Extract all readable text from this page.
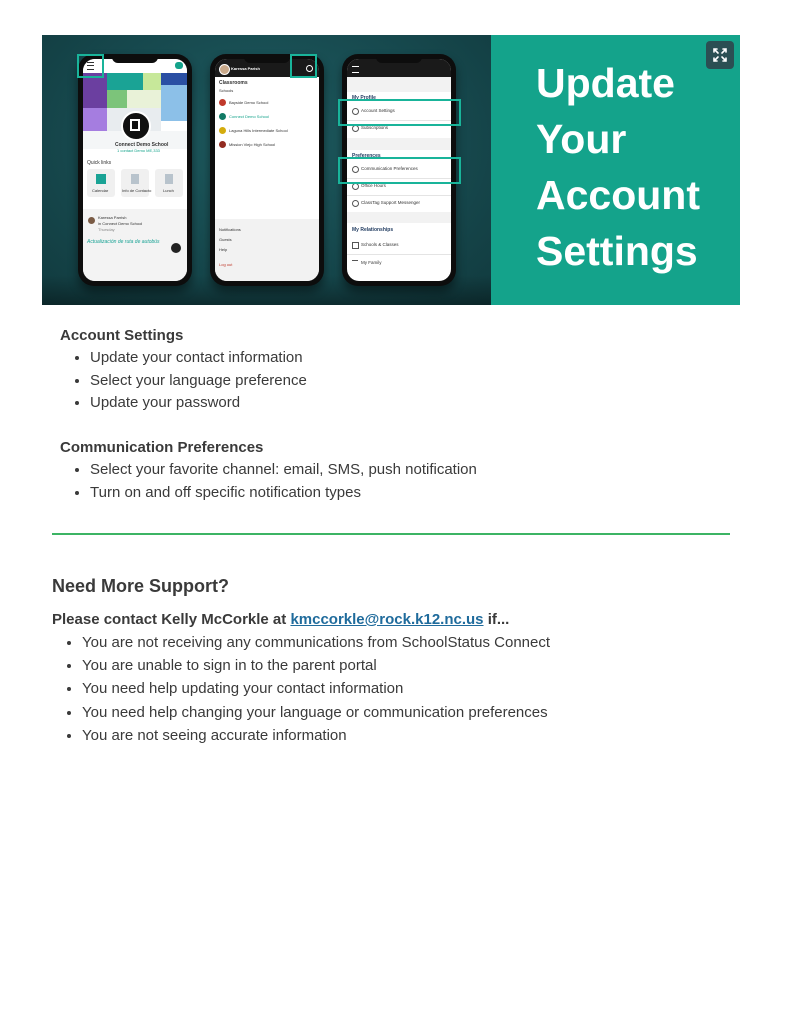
Connect Demo School
1 contact Demo ME,333
Quick links
Calendar	Info de Contacto	Lunch
Karessa Parrish
in Connect Demo School
Thursday
Actualización de ruta de autobús
Karessa Parish
Classrooms
Schools
Bayside Demo School
Connect Demo School
Laguna Hills Intermediate School
Mission Viejo High School
Notifications
Guests
Help
Log out
My Profile
Account Settings
Subscriptions
Preferences
Communication Preferences
Office Hours
ClassTag Support Messenger
My Relationships
Schools & Classes
My Family
Update
Your
Account
Settings
Account Settings
• Update your contact information
• Select your language preference
• Update your password
Communication Preferences
• Select your favorite channel: email, SMS, push notification
• Turn on and off specific notification types
Need More Support?
Please contact Kelly McCorkle at kmccorkle@rock.k12.nc.us if...
• You are not receiving any communications from SchoolStatus Connect
• You are unable to sign in to the parent portal
• You need help updating your contact information
• You need help changing your language or communication preferences
• You are not seeing accurate information
